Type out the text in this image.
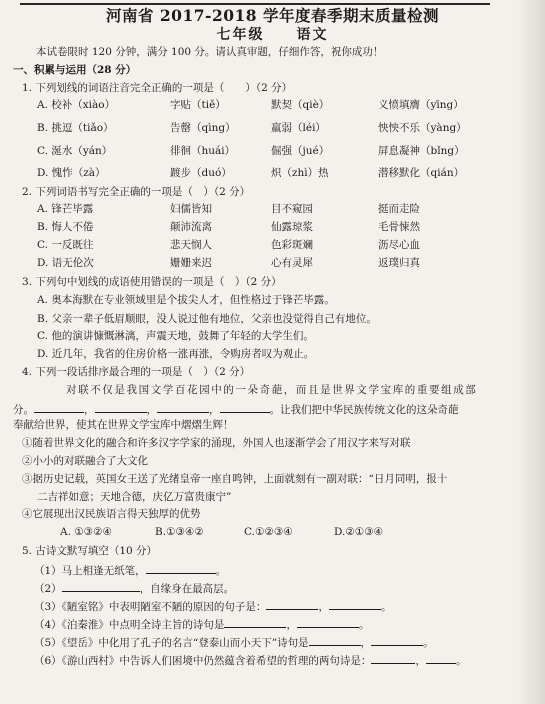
河南省 2017-2018 学年度春季期末质量检测
七年级　　语文
本试卷限时 120 分钟，满分 100 分。请认真审题，仔细作答，祝你成功！
一、积累与运用（28 分）
1. 下列划线的词语注音完全正确的一项是（　　）（2 分）
A. 校补（xiào）	字贴（tiě）	默契（qiè）	义愤填膺（yīng）
B. 挑逗（tiǎo）	告罄（qìng）	羸弱（léi）	怏怏不乐（yàng）
C. 涎水（yán）	徘徊（huái）	倔强（jué）	屏息凝神（bǐng）
D. 愧怍（zà）	踱步（duó）	炽（zhì）热	潜移默化（qián）
2. 下列词语书写完全正确的一项是（　）（2 分）
A. 锋芒毕露	妇儒皆知	目不窥园	挺而走险
B. 悔人不倦	颠沛流离	仙露琼浆	毛骨悚然
C. 一反既往	悲天悯人	色彩斑斓	沥尽心血
D. 语无伦次	姗姗来迟	心有灵犀	返璞归真
3. 下列句中划线的成语使用错误的一项是（　）（2 分）
A. 奥本海默在专业领域里是个拔尖人才，但性格过于锋芒毕露。
B. 父亲一辈子低眉顺眼，没人说过他有地位，父亲也没觉得自己有地位。
C. 他的演讲慷慨淋漓，声震天地，鼓舞了年轻的大学生们。
D. 近几年，我省的住房价格一涨再涨，令购房者叹为观止。
4. 下列一段话排序最合理的一项是（　）（2 分）
对联不仅是我国文学百花园中的一朵奇葩，而且是世界文学宝库的重要组成部
分。	，	，	，	。让我们把中华民族传统文化的这朵奇葩
奉献给世界，使其在世界文学宝库中熠熠生辉！
①随着世界文化的融合和许多汉字学家的涌现，外国人也逐渐学会了用汉字来写对联
②小小的对联融合了大文化
③据历史记载，英国女王送了光绪皇帝一座自鸣钟，上面就刻有一副对联：“日月同明，报十
二吉祥如意；天地合德，庆亿万富贵康宁”
④它展现出汉民族语言得天独厚的优势
A. ①③②④	B.①③④②	C.①②③④	D.②①③④
5. 古诗文默写填空（10 分）
（1）马上相逢无纸笔，	。
（2）	，自缘身在最高层。
（3）《陋室铭》中表明陋室不陋的原因的句子是：	，	。
（4）《泊秦淮》中点明全诗主旨的诗句是	，	。
（5）《望岳》中化用了孔子的名言“登泰山而小天下”诗句是	，	。
（6）《游山西村》中告诉人们困境中仍然蕴含着希望的哲理的两句诗是：	，	。
